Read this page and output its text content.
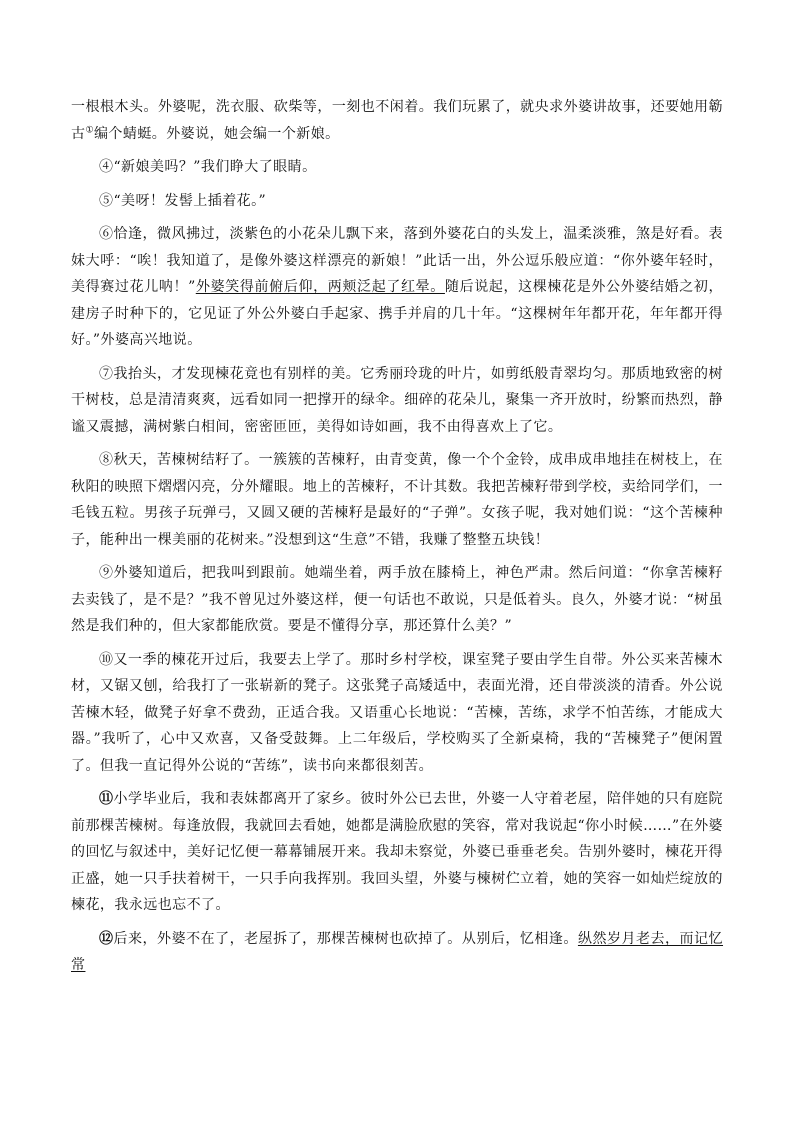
一根根木头。外婆呢，洗衣服、砍柴等，一刻也不闲着。我们玩累了，就央求外婆讲故事，还要她用簕古①编个蜻蜓。外婆说，她会编一个新娘。

④“新娘美吗？”我们睁大了眼睛。

⑤“美呀！发髻上插着花。”

⑥恰逢，微风拂过，淡紫色的小花朵儿飘下来，落到外婆花白的头发上，温柔淡雅，煞是好看。表妹大呼：“唉！我知道了，是像外婆这样漂亮的新娘！”此话一出，外公逗乐般应道：“你外婆年轻时，美得赛过花儿呐！”外婆笑得前俯后仰，两颊泛起了红晕。随后说起，这棵楝花是外公外婆结婚之初，建房子时种下的，它见证了外公外婆白手起家、携手并肩的几十年。“这棵树年年都开花，年年都开得好。”外婆高兴地说。

⑦我抬头，才发现楝花竟也有别样的美。它秀丽玲珑的叶片，如剪纸般青翠均匀。那质地致密的树干树枝，总是清清爽爽，远看如同一把撑开的绿伞。细碎的花朵儿，聚集一齐开放时，纷繁而热烈，静谧又震撼，满树紫白相间，密密匝匝，美得如诗如画，我不由得喜欢上了它。

⑧秋天，苦楝树结籽了。一簇簇的苦楝籽，由青变黄，像一个个金铃，成串成串地挂在树枝上，在秋阳的映照下熠熠闪亮，分外耀眼。地上的苦楝籽，不计其数。我把苦楝籽带到学校，卖给同学们，一毛钱五粒。男孩子玩弹弓，又圆又硬的苦楝籽是最好的“子弹”。女孩子呢，我对她们说：“这个苦楝种子，能种出一棵美丽的花树来。”没想到这“生意”不错，我赚了整整五块钱！

⑨外婆知道后，把我叫到跟前。她端坐着，两手放在膝椅上，神色严肃。然后问道：“你拿苦楝籽去卖钱了，是不是？”我不曾见过外婆这样，便一句话也不敢说，只是低着头。良久，外婆才说：“树虽然是我们种的，但大家都能欣赏。要是不懂得分享，那还算什么美？”

⑩又一季的楝花开过后，我要去上学了。那时乡村学校，课室凳子要由学生自带。外公买来苦楝木材，又锯又刨，给我打了一张崭新的凳子。这张凳子高矮适中，表面光滑，还自带淡淡的清香。外公说苦楝木轻，做凳子好拿不费劲，正适合我。又语重心长地说：“苦楝，苦练，求学不怕苦练，才能成大器。”我听了，心中又欢喜，又备受鼓舞。上二年级后，学校购买了全新桌椅，我的“苦楝凳子”便闲置了。但我一直记得外公说的“苦练”，读书向来都很刻苦。

⑪小学毕业后，我和表妹都离开了家乡。彼时外公已去世，外婆一人守着老屋，陪伴她的只有庭院前那棵苦楝树。每逢放假，我就回去看她，她都是满脸欣慰的笑容，常对我说起“你小时候……”在外婆的回忆与叙述中，美好记忆便一幕幕铺展开来。我却未察觉，外婆已垂垂老矣。告别外婆时，楝花开得正盛，她一只手扶着树干，一只手向我挥别。我回头望，外婆与楝树伫立着，她的笑容一如灿烂绽放的楝花，我永远也忘不了。

⑫后来，外婆不在了，老屋拆了，那棵苦楝树也砍掉了。从别后，忆相逢。纵然岁月老去，而记忆常
